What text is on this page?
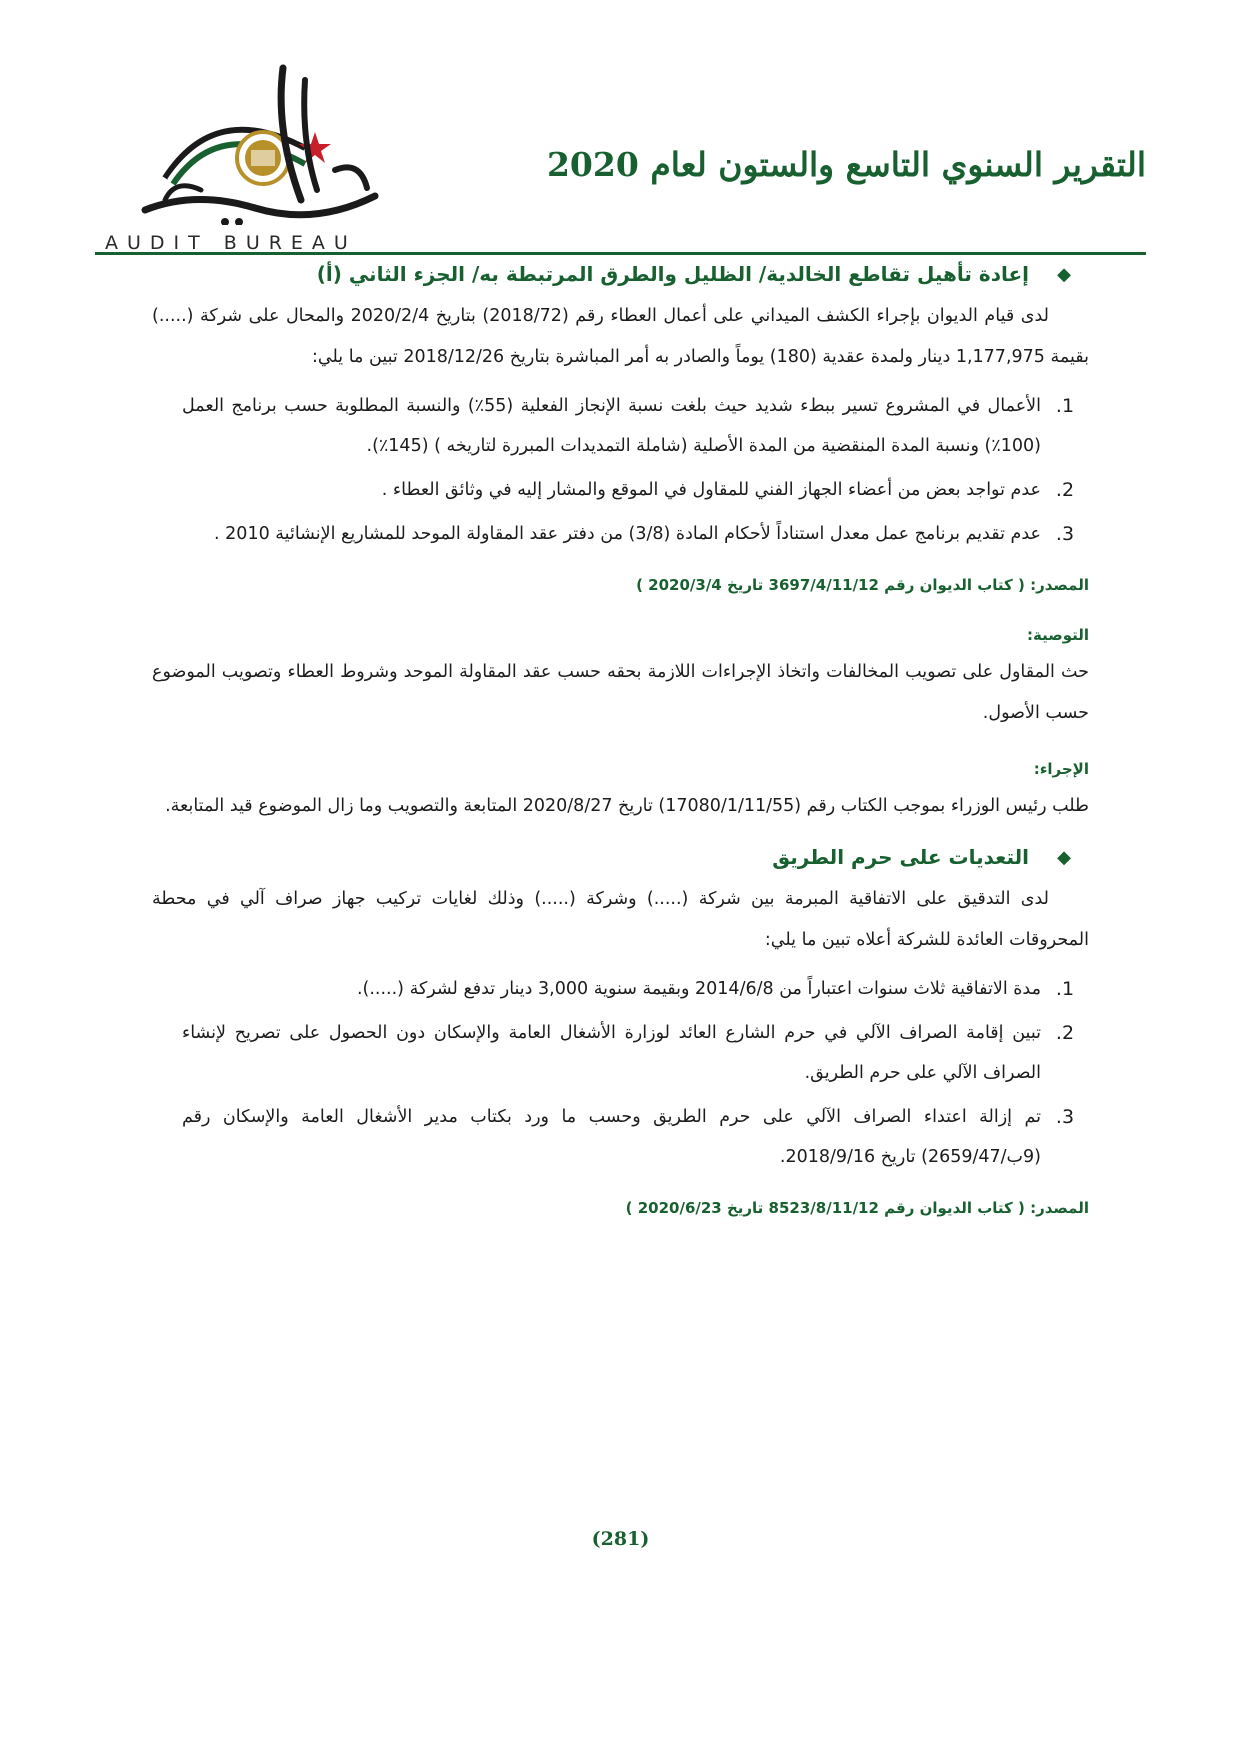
التقرير السنوي التاسع والستون لعام 2020
AUDIT BUREAU
◆
إعادة تأهيل تقاطع الخالدية/ الظليل والطرق المرتبطة به/ الجزء الثاني (أ)

لدى قيام الديوان بإجراء الكشف الميداني على أعمال العطاء رقم (2018/72) بتاريخ 2020/2/4 والمحال على شركة (.....) بقيمة 1,177,975 دينار ولمدة عقدية (180) يوماً والصادر به أمر المباشرة بتاريخ 2018/12/26 تبين ما يلي:

1.
الأعمال في المشروع تسير ببطء شديد حيث بلغت نسبة الإنجاز الفعلية (55٪) والنسبة المطلوبة حسب برنامج العمل (100٪) ونسبة المدة المنقضية من المدة الأصلية (شاملة التمديدات المبررة لتاريخه ) (145٪).
2.
عدم تواجد بعض من أعضاء الجهاز الفني للمقاول في الموقع والمشار إليه في وثائق العطاء .
3.
عدم تقديم برنامج عمل معدل استناداً لأحكام المادة (3/8) من دفتر عقد المقاولة الموحد للمشاريع الإنشائية 2010 .
المصدر: ( كتاب الديوان رقم 3697/4/11/12 تاريخ 2020/3/4 )
التوصية:

حث المقاول على تصويب المخالفات واتخاذ الإجراءات اللازمة بحقه حسب عقد المقاولة الموحد وشروط العطاء وتصويب الموضوع حسب الأصول.

الإجراء:

طلب رئيس الوزراء بموجب الكتاب رقم (17080/1/11/55) تاريخ 2020/8/27 المتابعة والتصويب وما زال الموضوع قيد المتابعة.

◆
التعديات على حرم الطريق

لدى التدقيق على الاتفاقية المبرمة بين شركة (.....) وشركة (.....) وذلك لغايات تركيب جهاز صراف آلي في محطة المحروقات العائدة للشركة أعلاه تبين ما يلي:

1.
مدة الاتفاقية ثلاث سنوات اعتباراً من 2014/6/8 وبقيمة سنوية 3,000 دينار تدفع لشركة (.....).
2.
تبين إقامة الصراف الآلي في حرم الشارع العائد لوزارة الأشغال العامة والإسكان دون الحصول على تصريح لإنشاء الصراف الآلي على حرم الطريق.
3.
تم إزالة اعتداء الصراف الآلي على حرم الطريق وحسب ما ورد بكتاب مدير الأشغال العامة والإسكان رقم (9ب/2659/47) تاريخ 2018/9/16.
المصدر: ( كتاب الديوان رقم 8523/8/11/12 تاريخ 2020/6/23 )
(281)
